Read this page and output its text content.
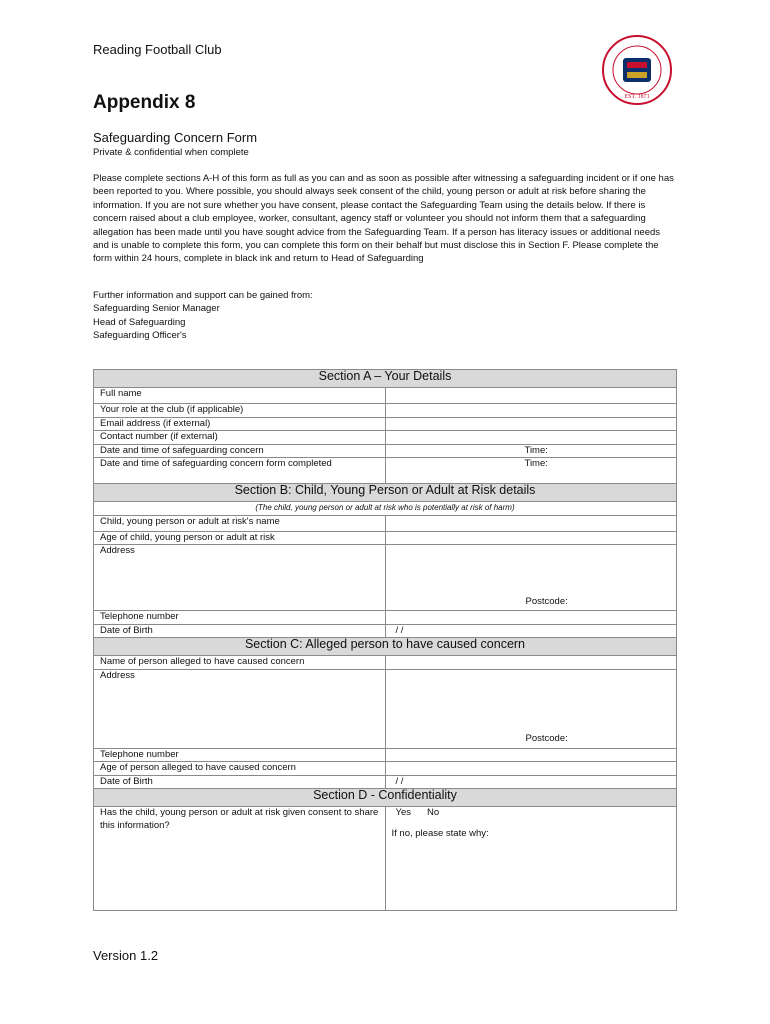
Reading Football Club
EST. 1871
Appendix 8
Safeguarding Concern Form
Private & confidential when complete
Please complete sections A-H of this form as full as you can and as soon as possible after witnessing a safeguarding incident or if one has been reported to you. Where possible, you should always seek consent of the child, young person or adult at risk before sharing the information. If you are not sure whether you have consent, please contact the Safeguarding Team using the details below. If there is concern raised about a club employee, worker, consultant, agency staff or volunteer you should not inform them that a safeguarding allegation has been made until you have sought advice from the Safeguarding Team. If a person has literacy issues or additional needs and is unable to complete this form, you can complete this form on their behalf but must disclose this in Section F. Please complete the form within 24 hours, complete in black ink and return to Head of Safeguarding
Further information and support can be gained from:
Safeguarding Senior Manager
Head of Safeguarding
Safeguarding Officer's
Section A – Your Details	
Full name	
Your role at the club (if applicable)	
Email address (if external)	
Contact number (if external)	
Date and time of safeguarding concern	Time:
Date and time of safeguarding concern form completed	Time:
Section B: Child, Young Person or Adult at Risk details	
(The child, young person or adult at risk who is potentially at risk of harm)	
Child, young person or adult at risk's name	
Age of child, young person or adult at risk	
Address	Postcode:

Telephone number	
Date of Birth	/ /
Section C: Alleged person to have caused concern	
Name of person alleged to have caused concern	
Address	Postcode:

Telephone number	
Age of person alleged to have caused concern	
Date of Birth	/ /
Section D - Confidentiality	
Has the child, young person or adult at risk given consent to share this information?	Yes No
If no, please state why:
Version 1.2
